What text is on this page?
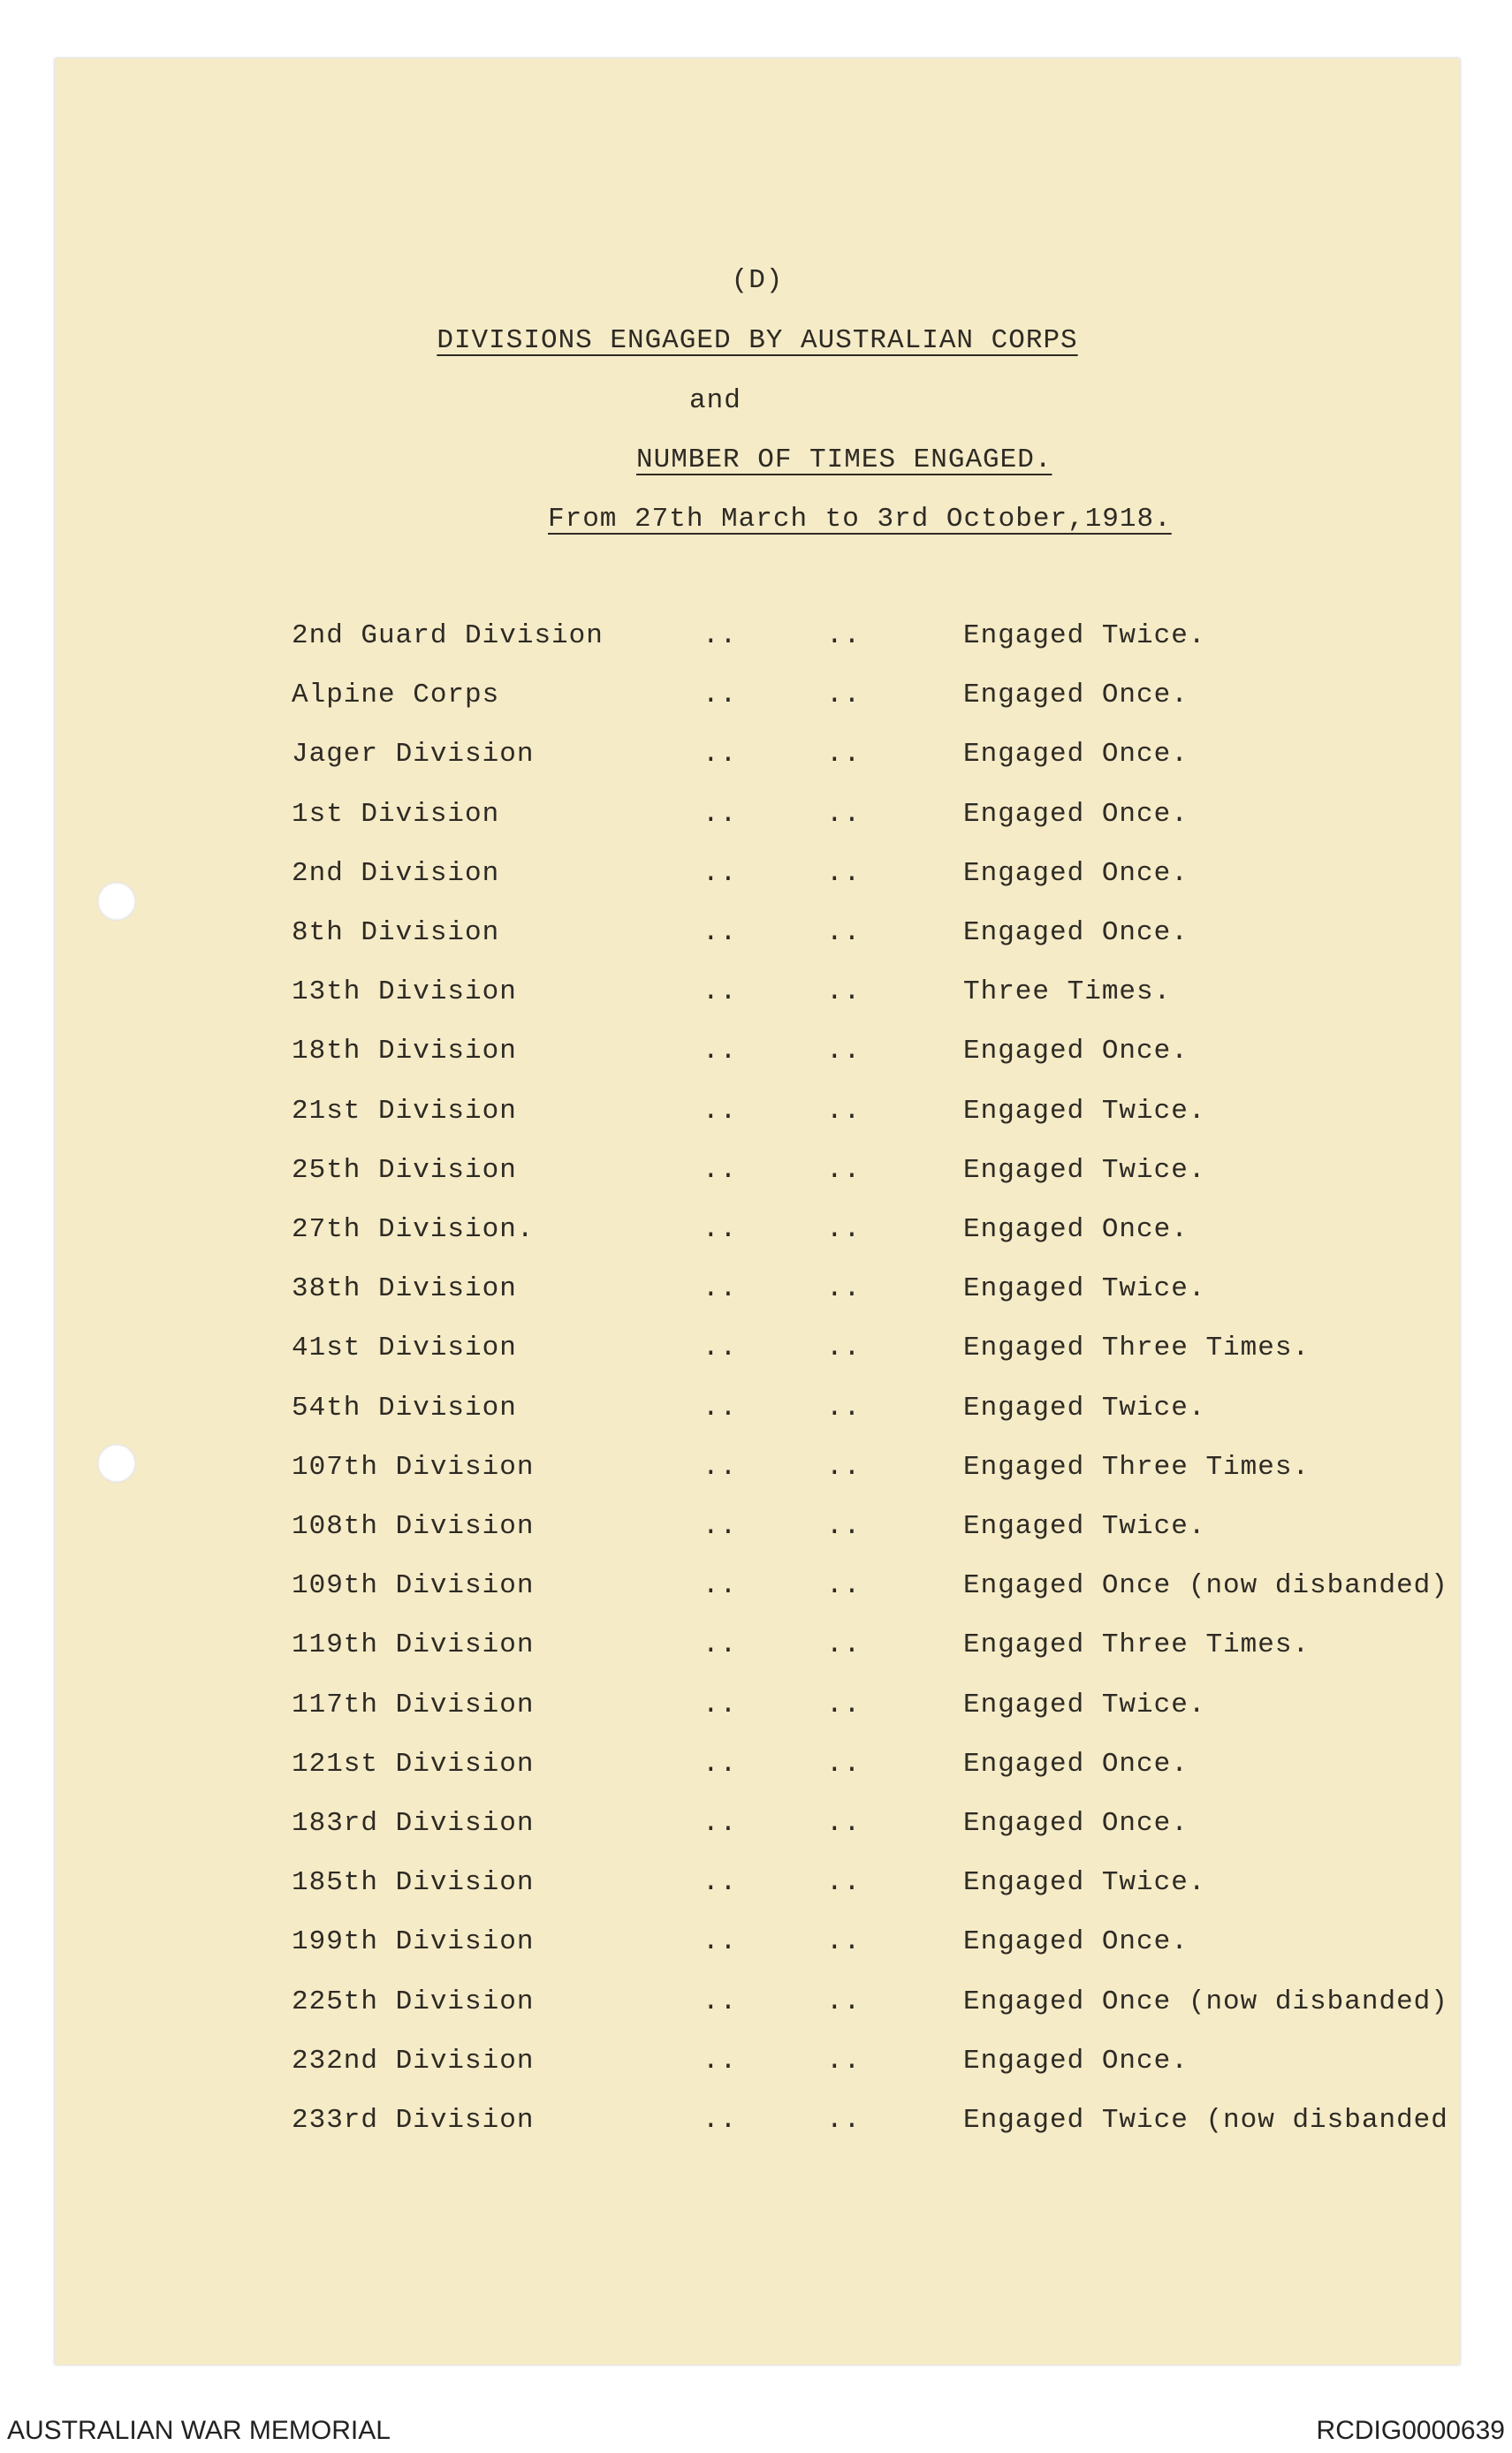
(D)
DIVISIONS ENGAGED BY AUSTRALIAN CORPS
and
NUMBER OF TIMES ENGAGED.
From 27th March to 3rd October,1918.
2nd Guard Division	..	..	Engaged Twice.
Alpine Corps	..	..	Engaged Once.
Jager Division	..	..	Engaged Once.
1st Division	..	..	Engaged Once.
2nd Division	..	..	Engaged Once.
8th Division	..	..	Engaged Once.
13th Division	..	..	Three Times.
18th Division	..	..	Engaged Once.
21st Division	..	..	Engaged Twice.
25th Division	..	..	Engaged Twice.
27th Division.	..	..	Engaged Once.
38th Division	..	..	Engaged Twice.
41st Division	..	..	Engaged Three Times.
54th Division	..	..	Engaged Twice.
107th Division	..	..	Engaged Three Times.
108th Division	..	..	Engaged Twice.
109th Division	..	..	Engaged Once (now disbanded)
119th Division	..	..	Engaged Three Times.
117th Division	..	..	Engaged Twice.
121st Division	..	..	Engaged Once.
183rd Division	..	..	Engaged Once.
185th Division	..	..	Engaged Twice.
199th Division	..	..	Engaged Once.
225th Division	..	..	Engaged Once (now disbanded)
232nd Division	..	..	Engaged Once.
233rd Division	..	..	Engaged Twice (now disbanded
AUSTRALIAN WAR MEMORIAL	RCDIG0000639
